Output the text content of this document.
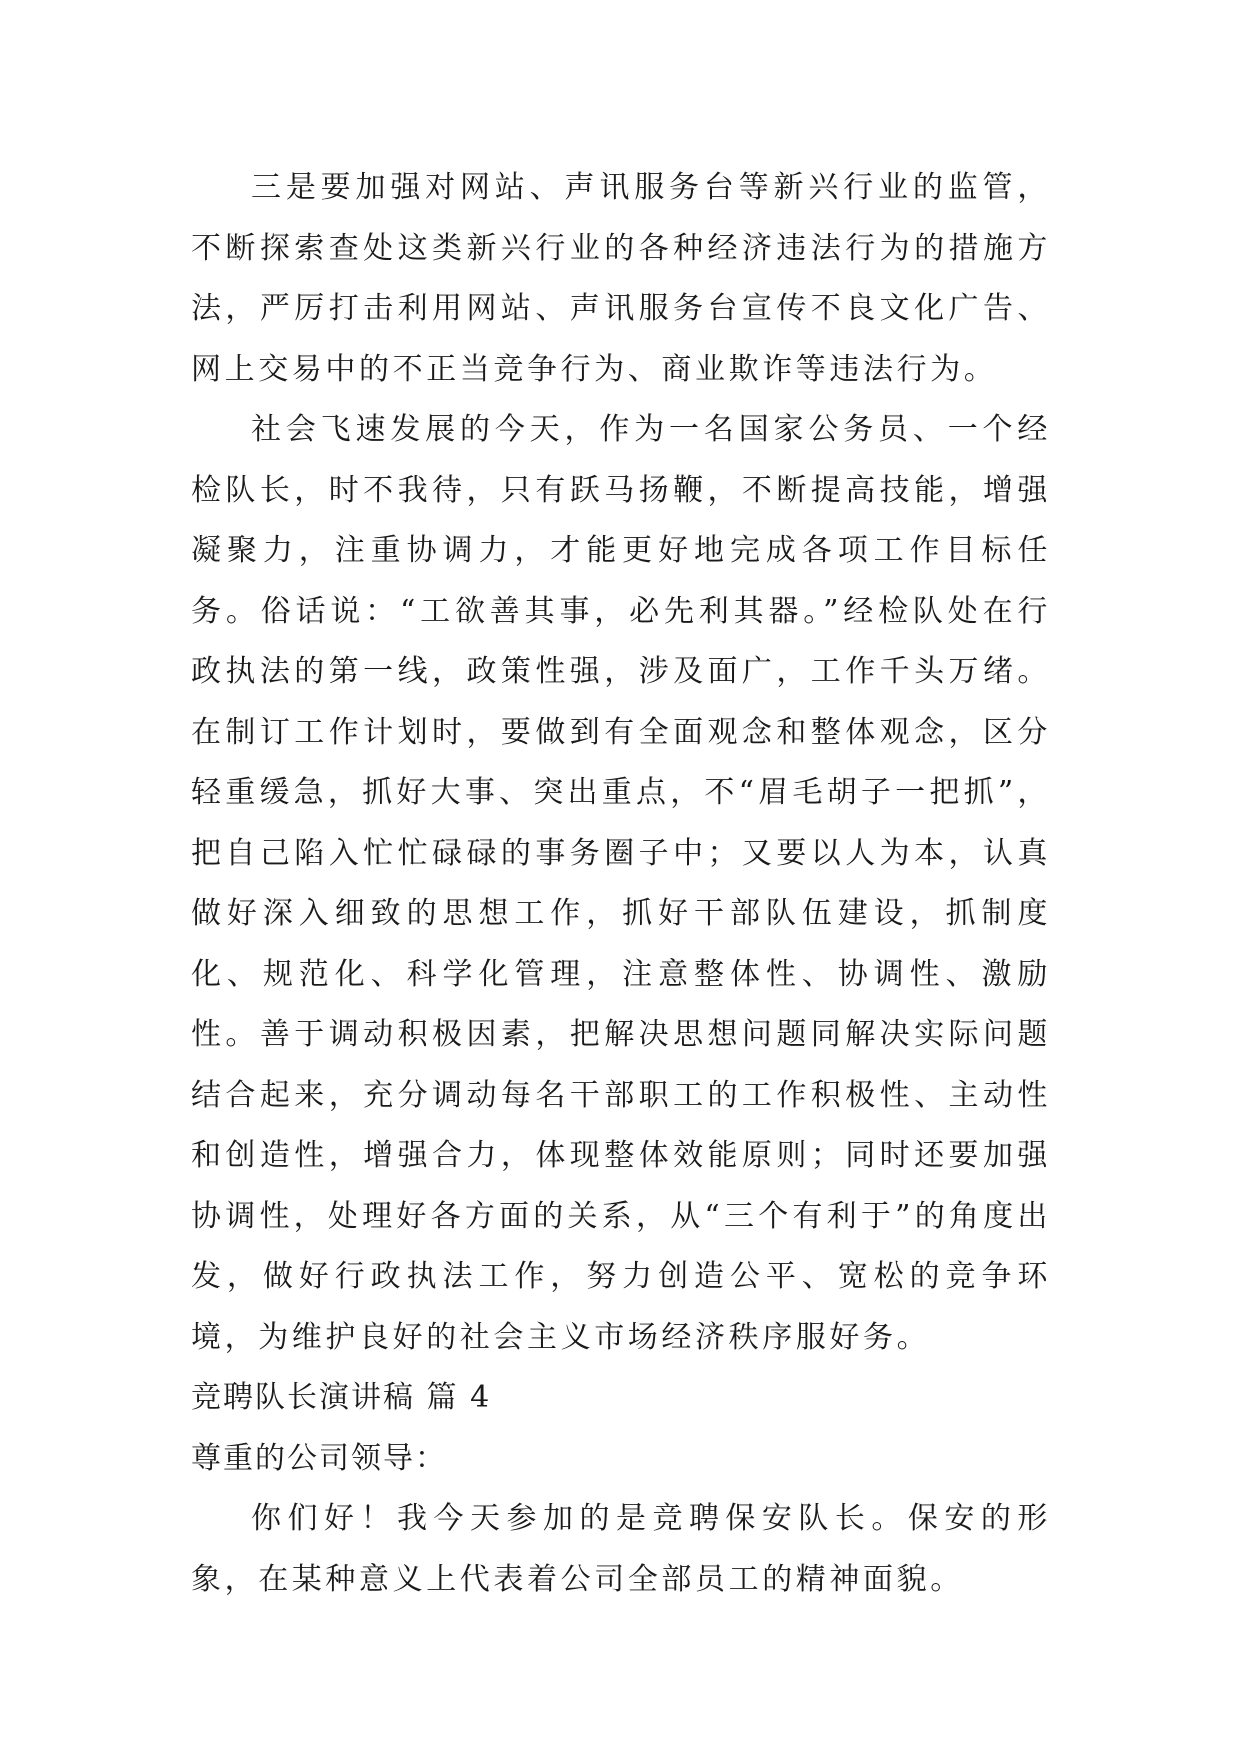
三是要加强对网站、声讯服务台等新兴行业的监管，不断探索查处这类新兴行业的各种经济违法行为的措施方法，严厉打击利用网站、声讯服务台宣传不良文化广告、网上交易中的不正当竞争行为、商业欺诈等违法行为。

社会飞速发展的今天，作为一名国家公务员、一个经检队长，时不我待，只有跃马扬鞭，不断提高技能，增强凝聚力，注重协调力，才能更好地完成各项工作目标任务。俗话说：“工欲善其事，必先利其器。”经检队处在行政执法的第一线，政策性强，涉及面广，工作千头万绪。在制订工作计划时，要做到有全面观念和整体观念，区分轻重缓急，抓好大事、突出重点，不“眉毛胡子一把抓”，把自己陷入忙忙碌碌的事务圈子中；又要以人为本，认真做好深入细致的思想工作，抓好干部队伍建设，抓制度化、规范化、科学化管理，注意整体性、协调性、激励性。善于调动积极因素，把解决思想问题同解决实际问题结合起来，充分调动每名干部职工的工作积极性、主动性和创造性，增强合力，体现整体效能原则；同时还要加强协调性，处理好各方面的关系，从“三个有利于”的角度出发，做好行政执法工作，努力创造公平、宽松的竞争环境，为维护良好的社会主义市场经济秩序服好务。

竞聘队长演讲稿 篇 4

尊重的公司领导：

你们好！我今天参加的是竞聘保安队长。保安的形象，在某种意义上代表着公司全部员工的精神面貌。
